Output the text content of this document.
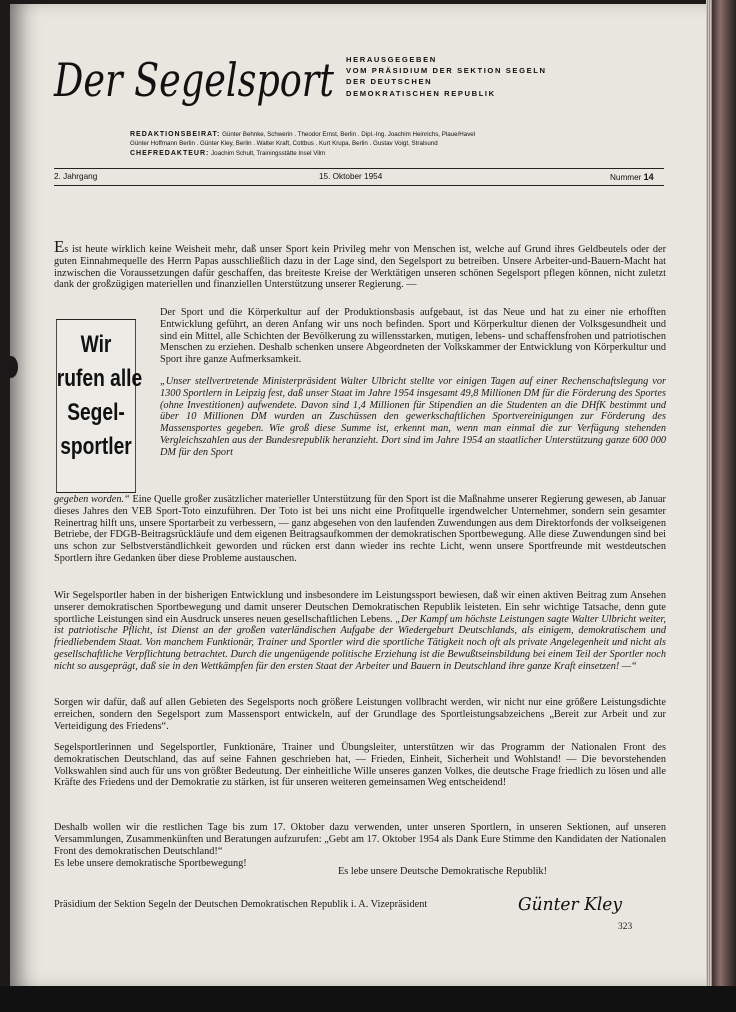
Der Segelsport HERAUSGEGEBEN
VOM PRÄSIDIUM DER SEKTION SEGELN
DER DEUTSCHEN
DEMOKRATISCHEN REPUBLIK
REDAKTIONSBEIRAT: Günter Behnke, Schwerin . Theodor Ernst, Berlin . Dipl.-Ing. Joachim Heinrichs, Plaue/Havel
Günter Hoffmann Berlin . Günter Kley, Berlin . Walter Kraft, Cottbus . Kurt Krupa, Berlin . Gustav Voigt, Stralsund
CHEFREDAKTEUR: Joachim Schult, Trainingsstätte Insel Vilm
2. Jahrgang	15. Oktober 1954	Nummer 14

Es ist heute wirklich keine Weisheit mehr, daß unser Sport kein Privileg mehr von Menschen ist, welche auf Grund ihres Geldbeutels oder der guten Einnahmequelle des Herrn Papas ausschließlich dazu in der Lage sind, den Segelsport zu betreiben. Unsere Arbeiter-und-Bauern-Macht hat inzwischen die Voraussetzungen dafür geschaffen, das breiteste Kreise der Werktätigen unseren schönen Segelsport pflegen können, nicht zuletzt dank der großzügigen materiellen und finanziellen Unterstützung unserer Regierung. —

Wir
rufen alle
Segel-
sportler

Der Sport und die Körperkultur auf der Produktionsbasis aufgebaut, ist das Neue und hat zu einer nie erhofften Entwicklung geführt, an deren Anfang wir uns noch befinden. Sport und Körperkultur dienen der Volksgesundheit und sind ein Mittel, alle Schichten der Bevölkerung zu willensstarken, mutigen, lebens- und schaffensfrohen und patriotischen Menschen zu erziehen. Deshalb schenken unsere Abgeordneten der Volkskammer der Entwicklung von Körperkultur und Sport ihre ganze Aufmerksamkeit.

„Unser stellvertretende Ministerpräsident Walter Ulbricht stellte vor einigen Tagen auf einer Rechenschaftslegung vor 1300 Sportlern in Leipzig fest, daß unser Staat im Jahre 1954 insgesamt 49,8 Millionen DM für die Förderung des Sportes (ohne Investitionen) aufwendete. Davon sind 1,4 Millionen für Stipendien an die Studenten an die DHfK bestimmt und über 10 Millionen DM wurden an Zuschüssen den gewerkschaftlichen Sportvereinigungen zur Förderung des Massensportes gegeben. Wie groß diese Summe ist, erkennt man, wenn man einmal die zur Verfügung stehenden Vergleichszahlen aus der Bundesrepublik heranzieht. Dort sind im Jahre 1954 an staatlicher Unterstützung ganze 600 000 DM für den Sport

gegeben worden.“ Eine Quelle großer zusätzlicher materieller Unterstützung für den Sport ist die Maßnahme unserer Regierung gewesen, ab Januar dieses Jahres den VEB Sport-Toto einzuführen. Der Toto ist bei uns nicht eine Profitquelle irgendwelcher Unternehmer, sondern sein gesamter Reinertrag hilft uns, unsere Sportarbeit zu verbessern, — ganz abgesehen von den laufenden Zuwendungen aus dem Direktorfonds der volkseigenen Betriebe, der FDGB-Beitragsrückläufe und dem eigenen Beitragsaufkommen der demokratischen Sportbewegung. Alle diese Zuwendungen sind bei uns schon zur Selbstverständlichkeit geworden und rücken erst dann wieder ins rechte Licht, wenn unsere Sportfreunde mit westdeutschen Sportlern ihre Gedanken über diese Probleme austauschen.

Wir Segelsportler haben in der bisherigen Entwicklung und insbesondere im Leistungssport bewiesen, daß wir einen aktiven Beitrag zum Ansehen unserer demokratischen Sportbewegung und damit unserer Deutschen Demokratischen Republik leisteten. Ein sehr wichtige Tatsache, denn gute sportliche Leistungen sind ein Ausdruck unseres neuen gesellschaftlichen Lebens. „Der Kampf um höchste Leistungen sagte Walter Ulbricht weiter, ist patriotische Pflicht, ist Dienst an der großen vaterländischen Aufgabe der Wiedergeburt Deutschlands, als einigem, demokratischem und friedliebendem Staat. Von manchem Funktionär, Trainer und Sportler wird die sportliche Tätigkeit noch oft als private Angelegenheit und nicht als gesellschaftliche Verpflichtung betrachtet. Durch die ungenügende politische Erziehung ist die Bewußtseinsbildung bei einem Teil der Sportler noch nicht so ausgeprägt, daß sie in den Wettkämpfen für den ersten Staat der Arbeiter und Bauern in Deutschland ihre ganze Kraft einsetzen! —“

Sorgen wir dafür, daß auf allen Gebieten des Segelsports noch größere Leistungen vollbracht werden, wir nicht nur eine größere Leistungsdichte erreichen, sondern den Segelsport zum Massensport entwickeln, auf der Grundlage des Sportleistungsabzeichens „Bereit zur Arbeit und zur Verteidigung des Friedens“.

Segelsportlerinnen und Segelsportler, Funktionäre, Trainer und Übungsleiter, unterstützen wir das Programm der Nationalen Front des demokratischen Deutschland, das auf seine Fahnen geschrieben hat, — Frieden, Einheit, Sicherheit und Wohlstand! — Die bevorstehenden Volkswahlen sind auch für uns von größter Bedeutung. Der einheitliche Wille unseres ganzen Volkes, die deutsche Frage friedlich zu lösen und alle Kräfte des Friedens und der Demokratie zu stärken, ist für unseren weiteren gemeinsamen Weg entscheidend!

Deshalb wollen wir die restlichen Tage bis zum 17. Oktober dazu verwenden, unter unseren Sportlern, in unseren Sektionen, auf unseren Versammlungen, Zusammenkünften und Beratungen aufzurufen: „Gebt am 17. Oktober 1954 als Dank Eure Stimme den Kandidaten der Nationalen Front des demokratischen Deutschland!“

Es lebe unsere demokratische Sportbewegung!

Es lebe unsere Deutsche Demokratische Republik!
Präsidium der Sektion Segeln der Deutschen Demokratischen Republik i. A. Vizepräsident	Günter Kley
323
